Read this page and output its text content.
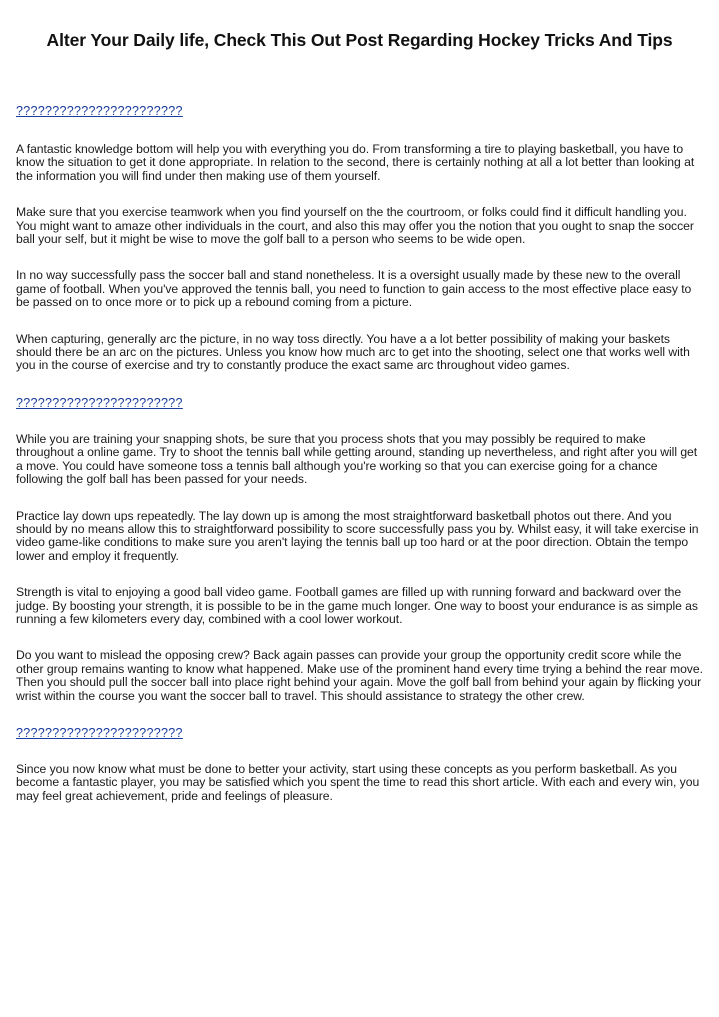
Alter Your Daily life, Check This Out Post Regarding Hockey Tricks And Tips
???????????????????????

A fantastic knowledge bottom will help you with everything you do. From transforming a tire to playing basketball, you have to know the situation to get it done appropriate. In relation to the second, there is certainly nothing at all a lot better than looking at the information you will find under then making use of them yourself.

Make sure that you exercise teamwork when you find yourself on the the courtroom, or folks could find it difficult handling you. You might want to amaze other individuals in the court, and also this may offer you the notion that you ought to snap the soccer ball your self, but it might be wise to move the golf ball to a person who seems to be wide open.

In no way successfully pass the soccer ball and stand nonetheless. It is a oversight usually made by these new to the overall game of football. When you've approved the tennis ball, you need to function to gain access to the most effective place easy to be passed on to once more or to pick up a rebound coming from a picture.

When capturing, generally arc the picture, in no way toss directly. You have a a lot better possibility of making your baskets should there be an arc on the pictures. Unless you know how much arc to get into the shooting, select one that works well with you in the course of exercise and try to constantly produce the exact same arc throughout video games.

???????????????????????

While you are training your snapping shots, be sure that you process shots that you may possibly be required to make throughout a online game. Try to shoot the tennis ball while getting around, standing up nevertheless, and right after you will get a move. You could have someone toss a tennis ball although you're working so that you can exercise going for a chance following the golf ball has been passed for your needs.

Practice lay down ups repeatedly. The lay down up is among the most straightforward basketball photos out there. And you should by no means allow this to straightforward possibility to score successfully pass you by. Whilst easy, it will take exercise in video game-like conditions to make sure you aren't laying the tennis ball up too hard or at the poor direction. Obtain the tempo lower and employ it frequently.

Strength is vital to enjoying a good ball video game. Football games are filled up with running forward and backward over the judge. By boosting your strength, it is possible to be in the game much longer. One way to boost your endurance is as simple as running a few kilometers every day, combined with a cool lower workout.

Do you want to mislead the opposing crew? Back again passes can provide your group the opportunity credit score while the other group remains wanting to know what happened. Make use of the prominent hand every time trying a behind the rear move. Then you should pull the soccer ball into place right behind your again. Move the golf ball from behind your again by flicking your wrist within the course you want the soccer ball to travel. This should assistance to strategy the other crew.

???????????????????????

Since you now know what must be done to better your activity, start using these concepts as you perform basketball. As you become a fantastic player, you may be satisfied which you spent the time to read this short article. With each and every win, you may feel great achievement, pride and feelings of pleasure.
